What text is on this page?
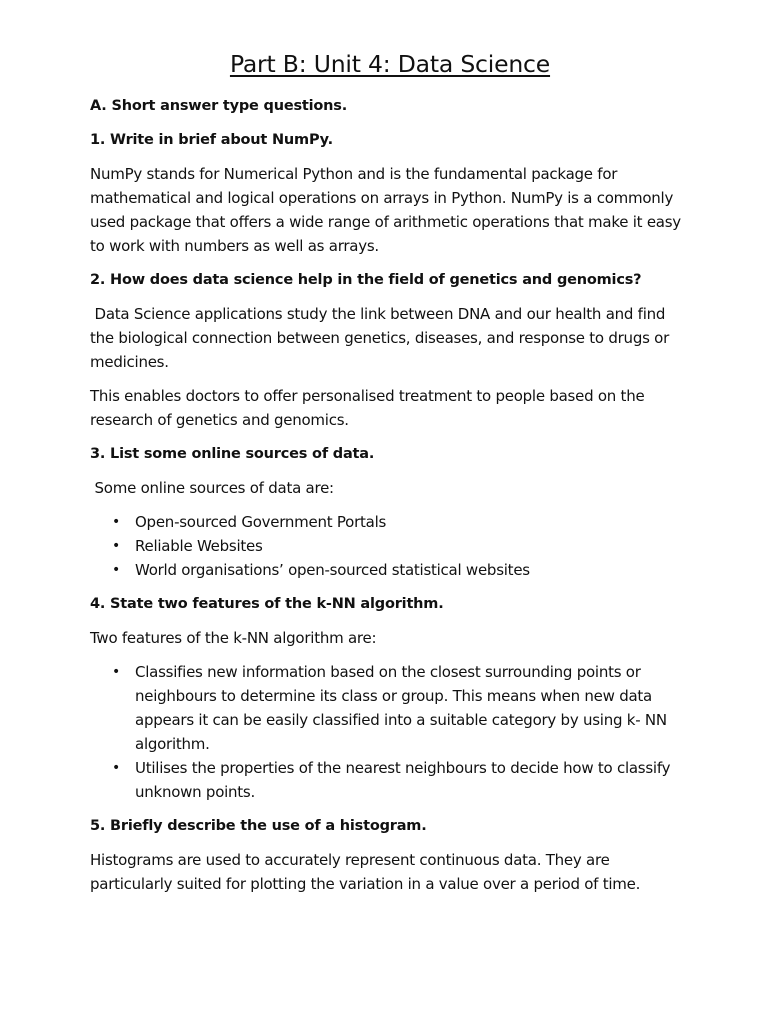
Part B: Unit 4: Data Science
A. Short answer type questions.
1. Write in brief about NumPy.
NumPy stands for Numerical Python and is the fundamental package for mathematical and logical operations on arrays in Python. NumPy is a commonly used package that offers a wide range of arithmetic operations that make it easy to work with numbers as well as arrays.
2. How does data science help in the field of genetics and genomics?
Data Science applications study the link between DNA and our health and find the biological connection between genetics, diseases, and response to drugs or medicines.
This enables doctors to offer personalised treatment to people based on the research of genetics and genomics.
3. List some online sources of data.
Some online sources of data are:
• Open-sourced Government Portals
• Reliable Websites
• World organisations’ open-sourced statistical websites
4. State two features of the k-NN algorithm.
Two features of the k-NN algorithm are:
• Classifies new information based on the closest surrounding points or neighbours to determine its class or group. This means when new data appears it can be easily classified into a suitable category by using k- NN algorithm.
• Utilises the properties of the nearest neighbours to decide how to classify unknown points.
5. Briefly describe the use of a histogram.
Histograms are used to accurately represent continuous data. They are particularly suited for plotting the variation in a value over a period of time.
